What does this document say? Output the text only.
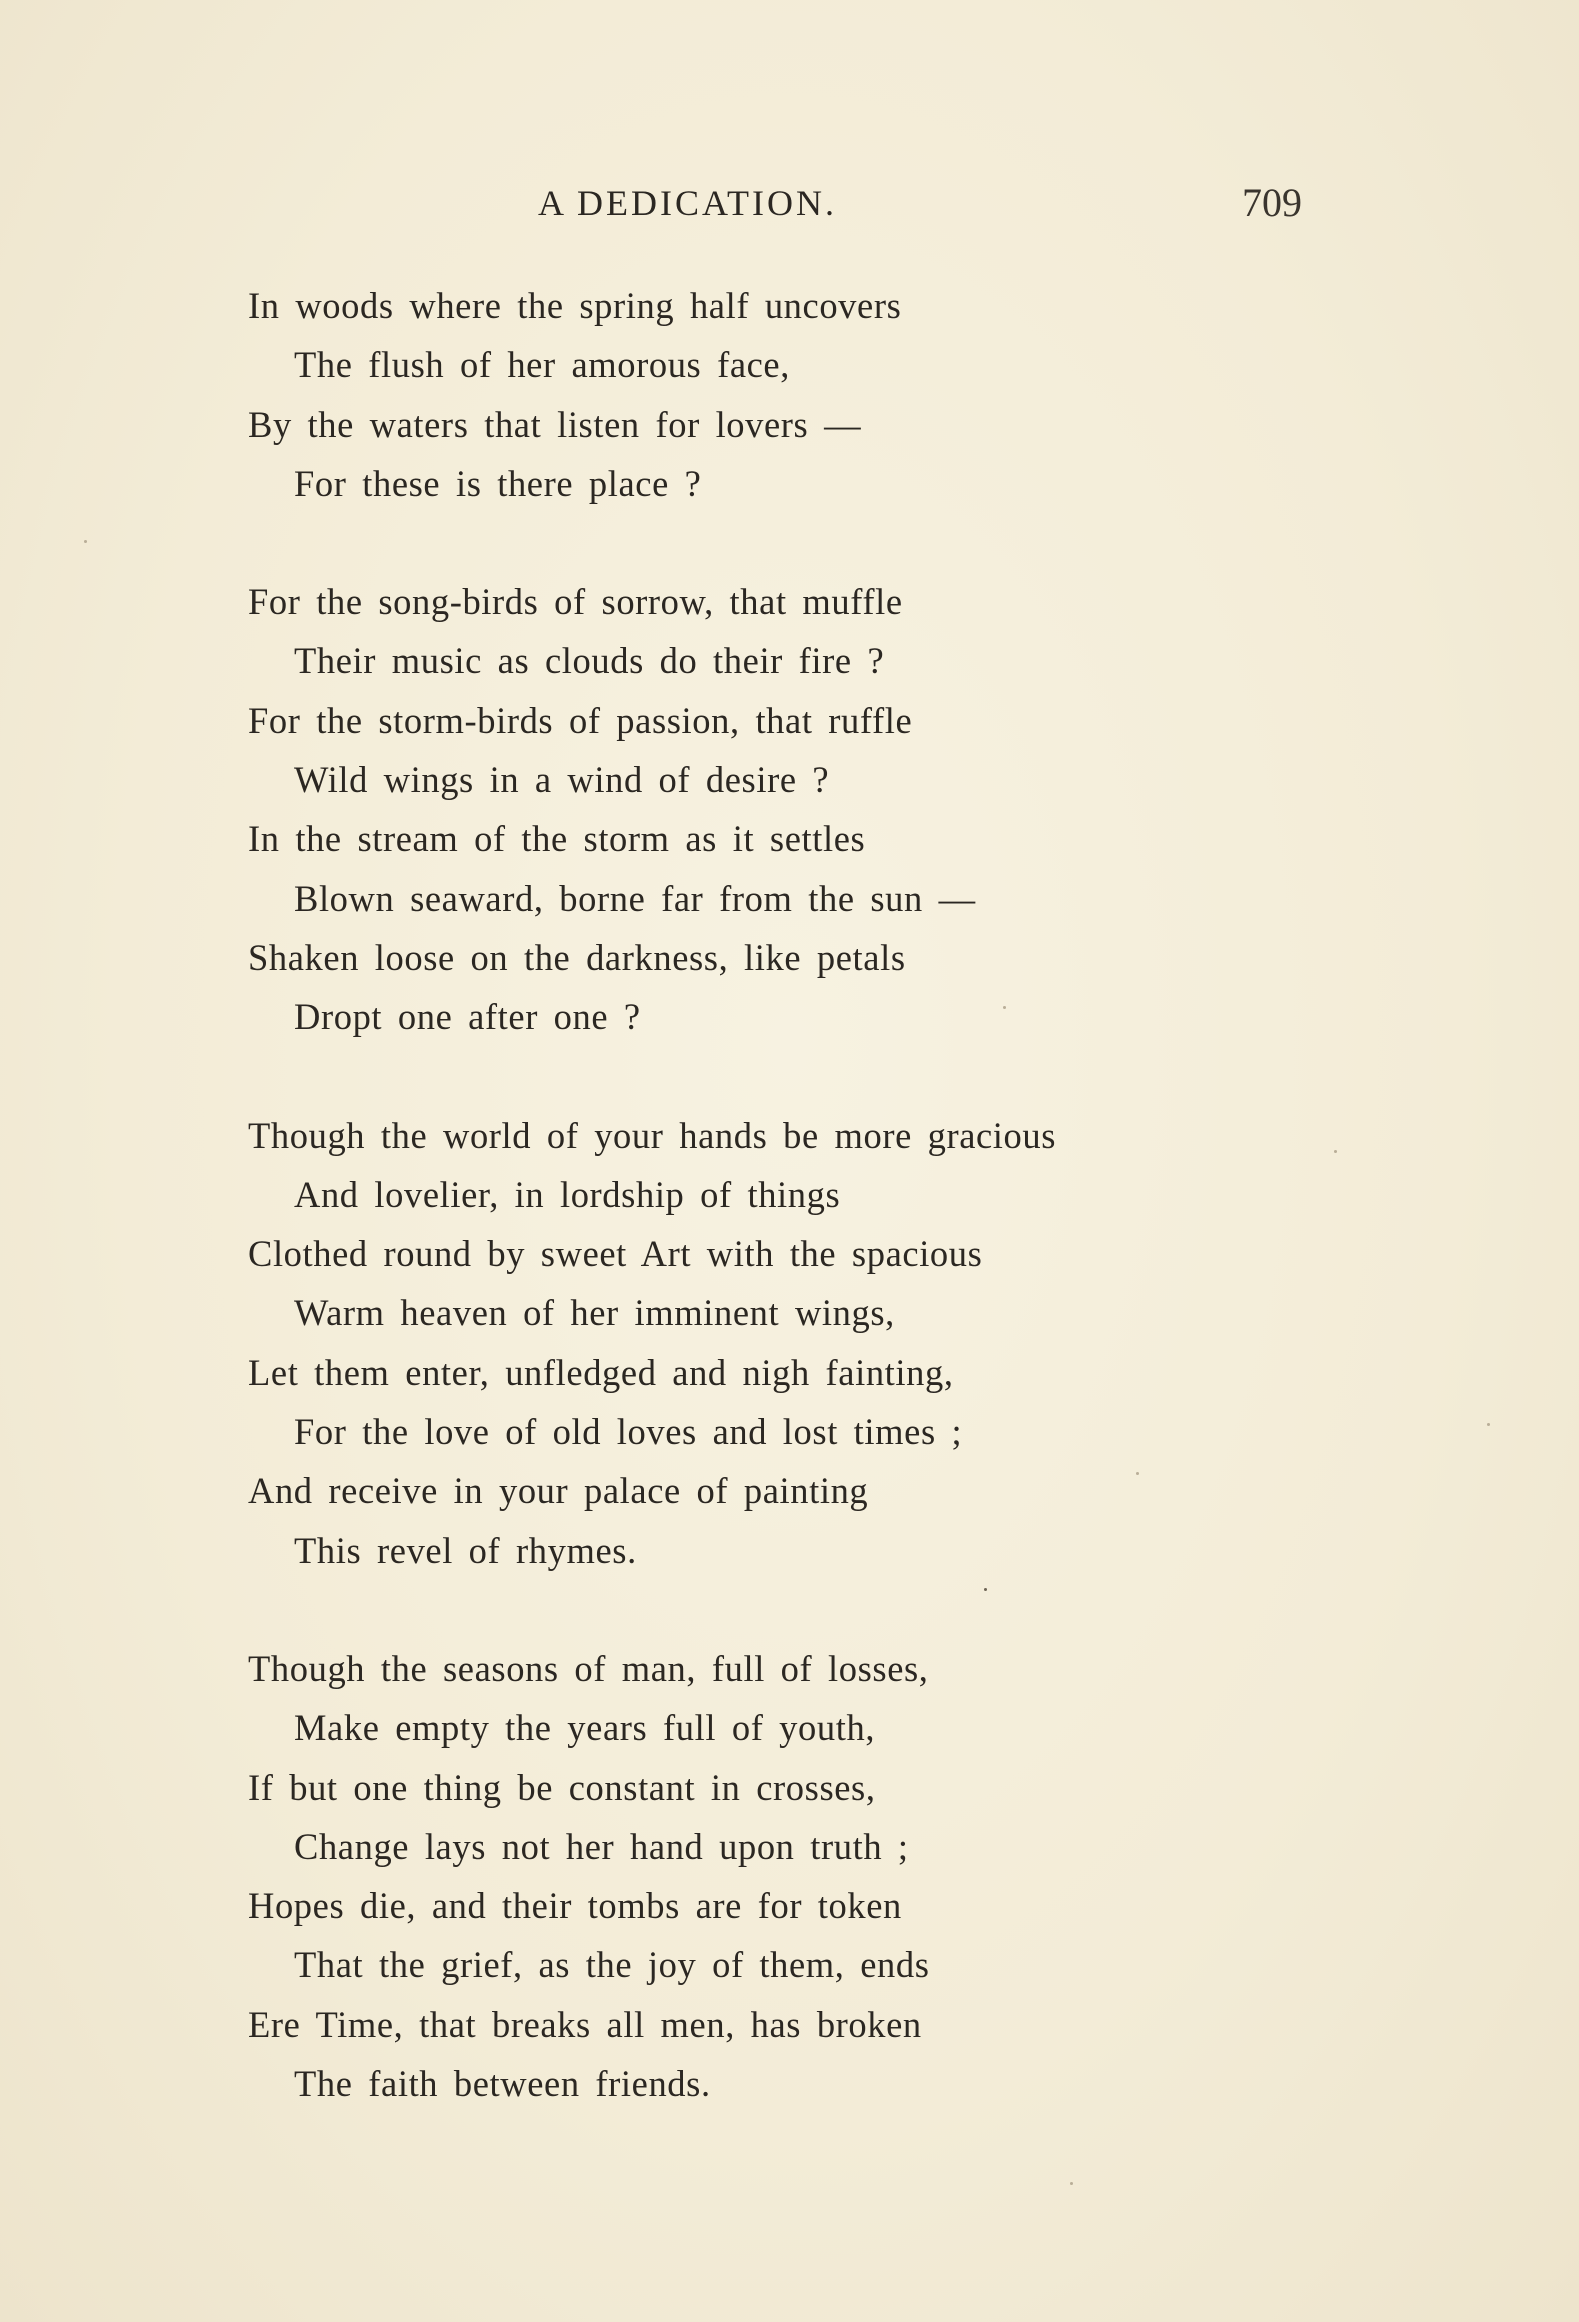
A DEDICATION.	709
In woods where the spring half uncovers
The flush of her amorous face,
By the waters that listen for lovers —
For these is there place ?
For the song-birds of sorrow, that muffle
Their music as clouds do their fire ?
For the storm-birds of passion, that ruffle
Wild wings in a wind of desire ?
In the stream of the storm as it settles
Blown seaward, borne far from the sun —
Shaken loose on the darkness, like petals
Dropt one after one ?
Though the world of your hands be more gracious
And lovelier, in lordship of things
Clothed round by sweet Art with the spacious
Warm heaven of her imminent wings,
Let them enter, unfledged and nigh fainting,
For the love of old loves and lost times ;
And receive in your palace of painting
This revel of rhymes.
Though the seasons of man, full of losses,
Make empty the years full of youth,
If but one thing be constant in crosses,
Change lays not her hand upon truth ;
Hopes die, and their tombs are for token
That the grief, as the joy of them, ends
Ere Time, that breaks all men, has broken
The faith between friends.
